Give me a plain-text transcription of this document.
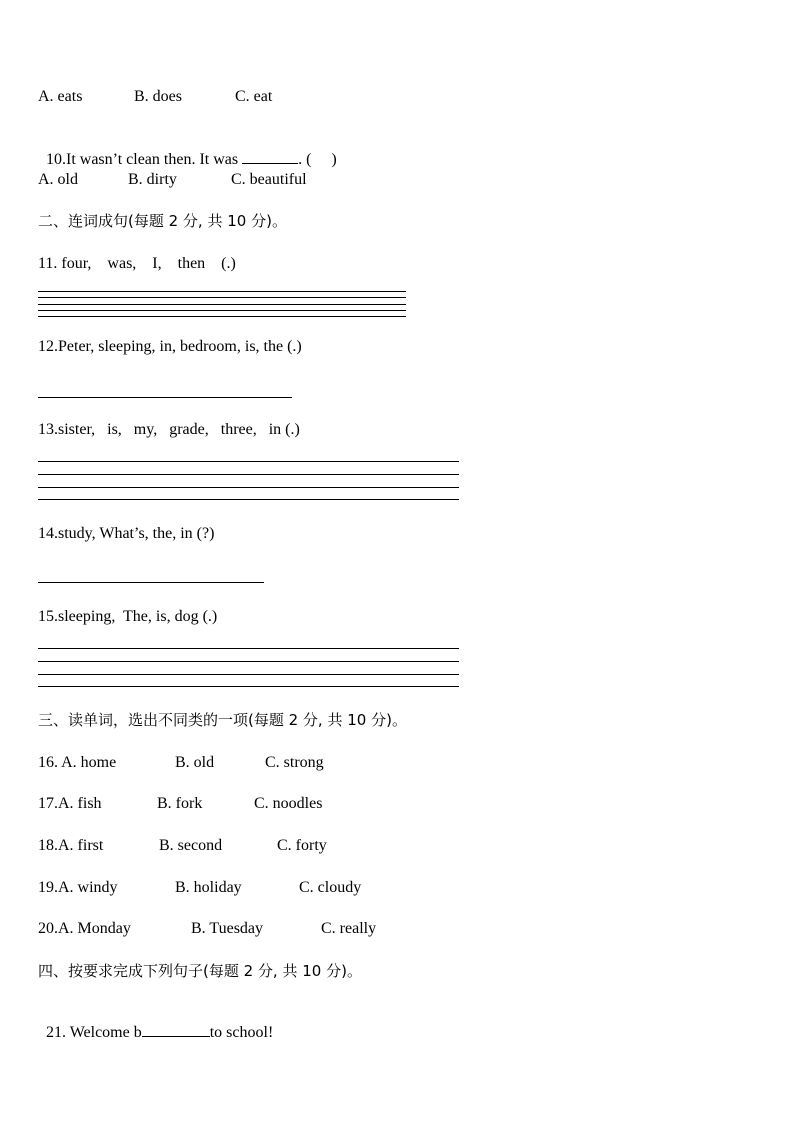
A. eats	B. does	C. eat

10.It wasn’t clean then. It was	. (     )

A. old	B. dirty	C. beautiful
二、连词成句(每题 2 分, 共 10 分)。
11. four,    was,    I,    then    (.)
12.Peter, sleeping, in, bedroom, is, the (.)
13.sister,   is,   my,   grade,   three,   in (.)
14.study, What’s, the, in (?)
15.sleeping,  The, is, dog (.)
三、读单词，选出不同类的一项(每题 2 分, 共 10 分)。
16. A. home	B. old	C. strong
17.A. fish	B. fork	C. noodles
18.A. first	B. second	C. forty
19.A. windy	B. holiday	C. cloudy
20.A. Monday	B. Tuesday	C. really
四、按要求完成下列句子(每题 2 分, 共 10 分)。

21. Welcome b	to school!
